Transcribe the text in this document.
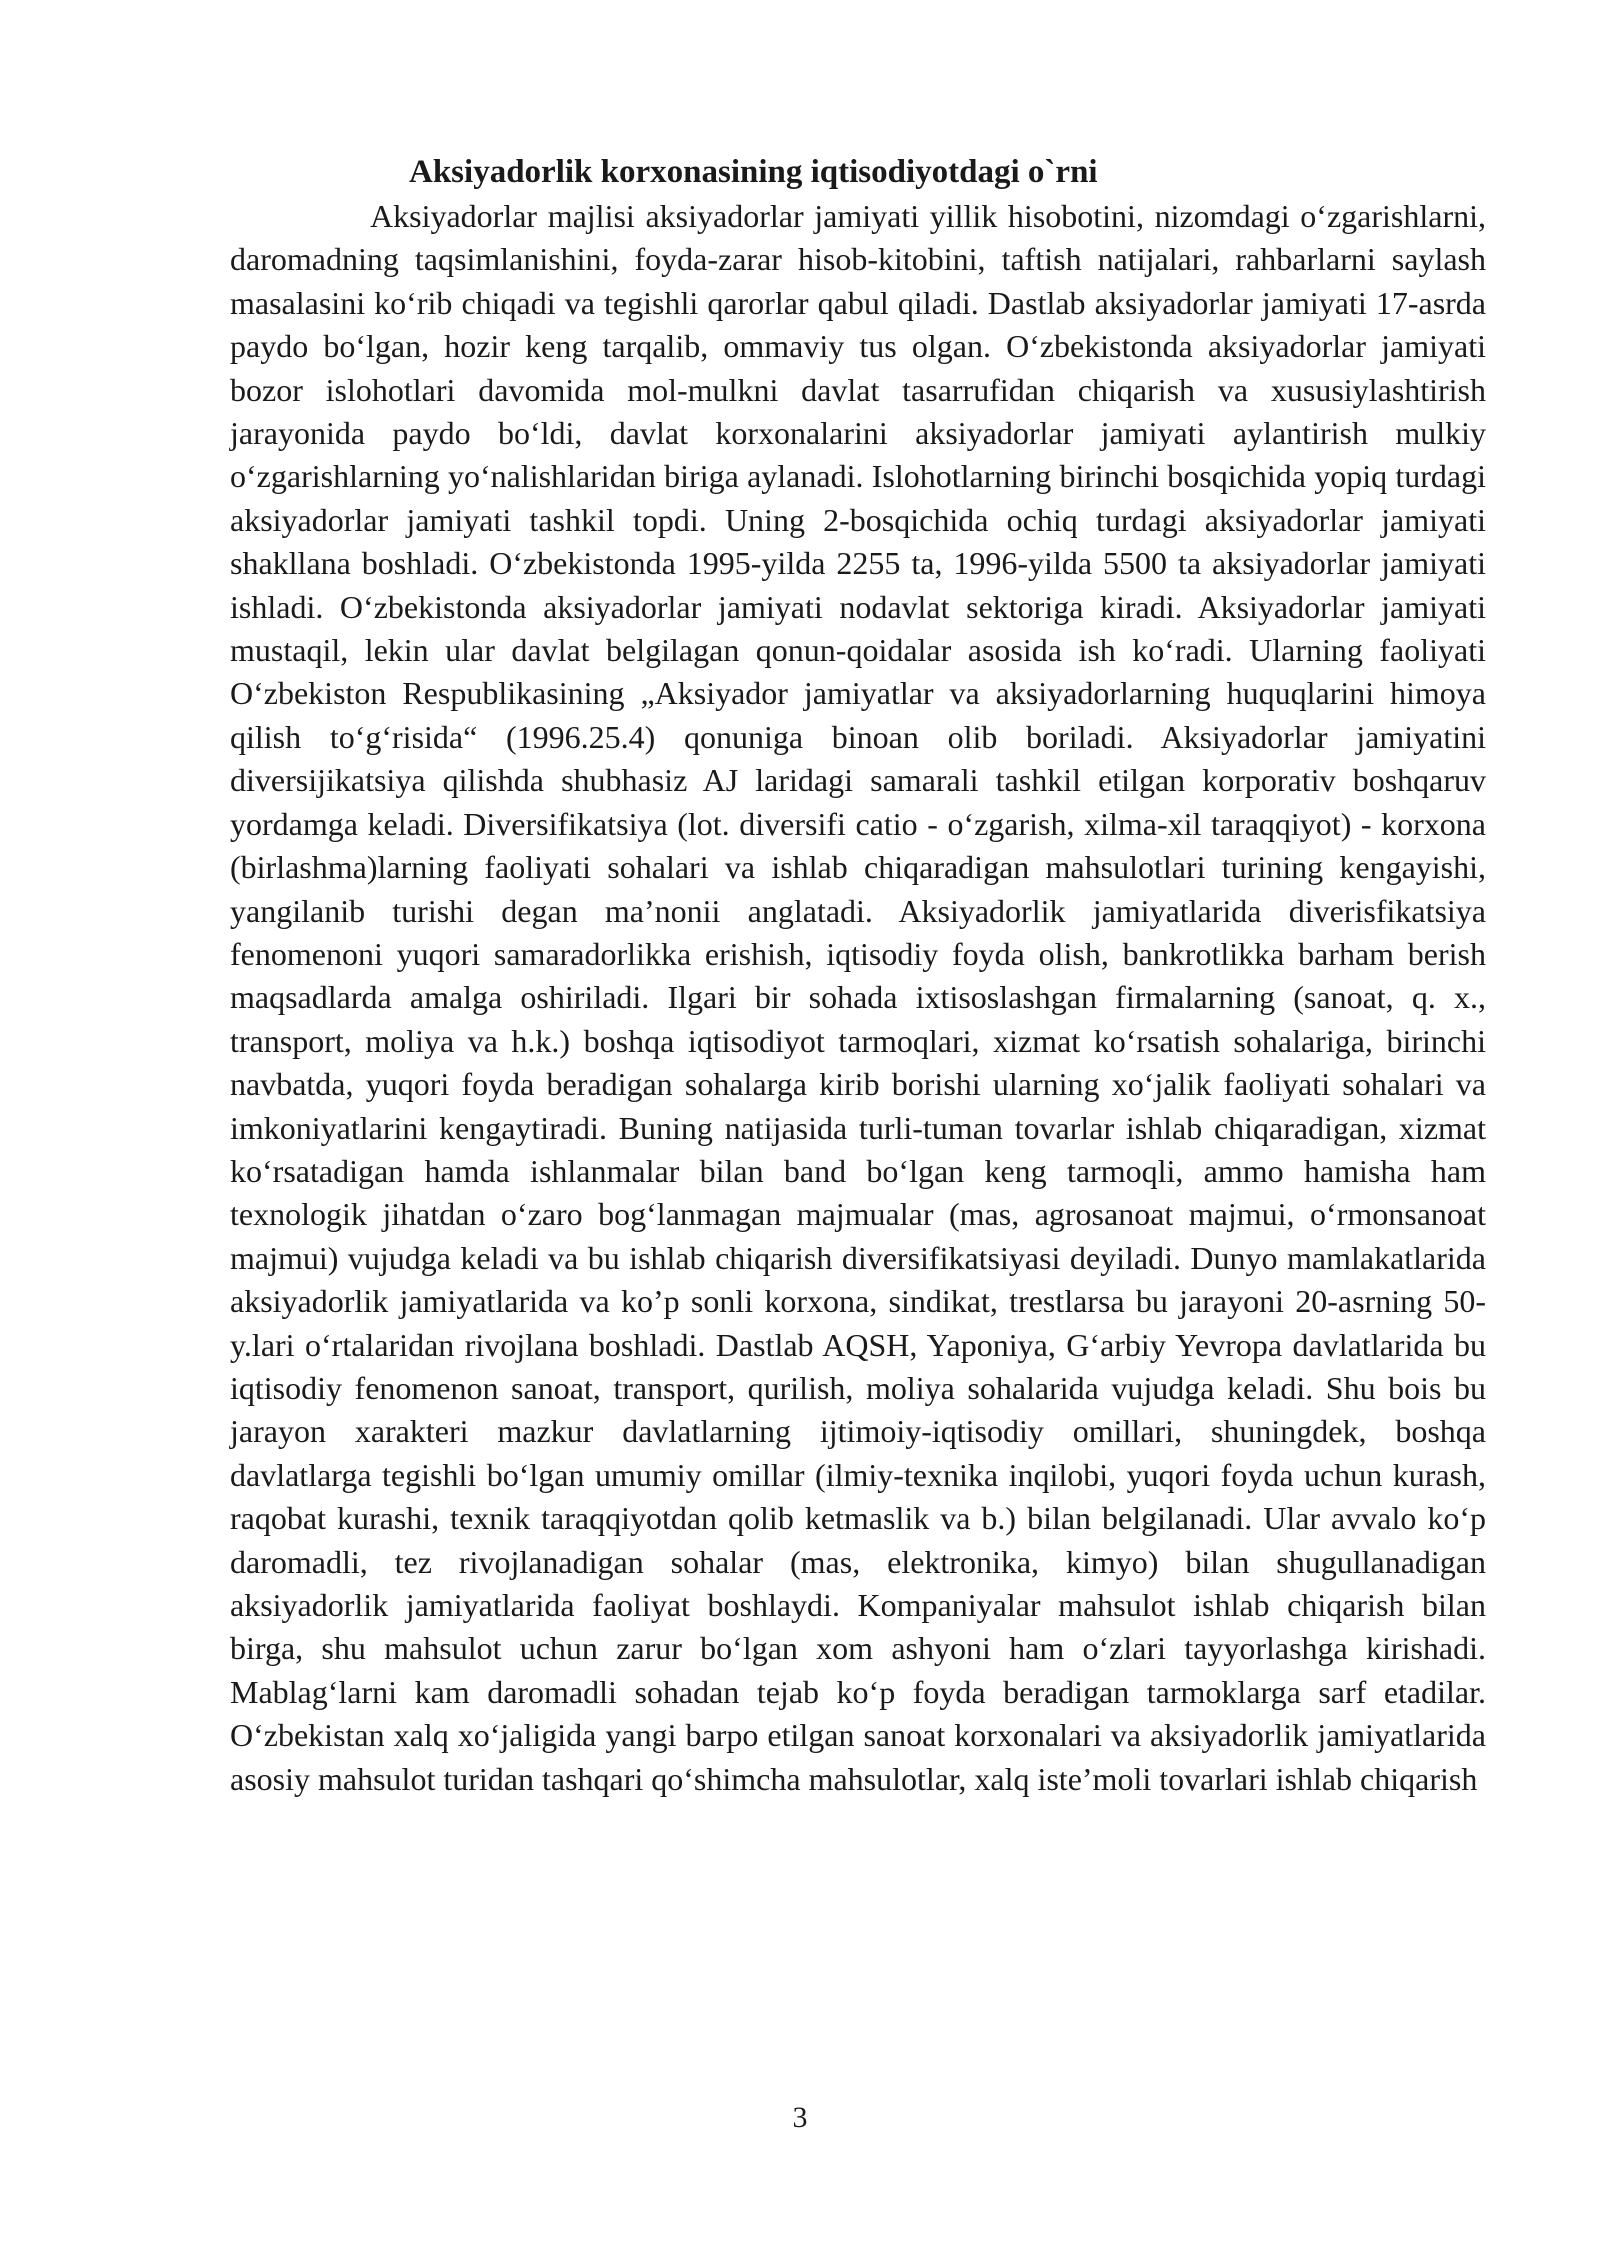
Aksiyadorlik korxonasining iqtisodiyotdagi o`rni

Aksiyadorlar majlisi aksiyadorlar jamiyati yillik hisobotini, nizomdagi o‘zgarishlarni, daromadning taqsimlanishini, foyda-zarar hisob-kitobini, taftish natijalari, rahbarlarni saylash masalasini ko‘rib chiqadi va tegishli qarorlar qabul qiladi. Dastlab aksiyadorlar jamiyati 17-asrda paydo bo‘lgan, hozir keng tarqalib, ommaviy tus olgan. O‘zbekistonda aksiyadorlar jamiyati bozor islohotlari davomida mol-mulkni davlat tasarrufidan chiqarish va xususiylashtirish jarayonida paydo bo‘ldi, davlat korxonalarini aksiyadorlar jamiyati aylantirish mulkiy o‘zgarishlarning yo‘nalishlaridan biriga aylanadi. Islohotlarning birinchi bosqichida yopiq turdagi aksiyadorlar jamiyati tashkil topdi. Uning 2-bosqichida ochiq turdagi aksiyadorlar jamiyati shakllana boshladi. O‘zbekistonda 1995-yilda 2255 ta, 1996-yilda 5500 ta aksiyadorlar jamiyati ishladi. O‘zbekistonda aksiyadorlar jamiyati nodavlat sektoriga kiradi. Aksiyadorlar jamiyati mustaqil, lekin ular davlat belgilagan qonun-qoidalar asosida ish ko‘radi. Ularning faoliyati O‘zbekiston Respublikasining „Aksiyador jamiyatlar va aksiyadorlarning huquqlarini himoya qilish to‘g‘risida“ (1996.25.4) qonuniga binoan olib boriladi. Aksiyadorlar jamiyatini diversijikatsiya qilishda shubhasiz AJ laridagi samarali tashkil etilgan korporativ boshqaruv yordamga keladi. Diversifikatsiya (lot. diversifi catio - o‘zgarish, xilma-xil taraqqiyot) - korxona (birlashma)larning faoliyati sohalari va ishlab chiqaradigan mahsulotlari turining kengayishi, yangilanib turishi degan ma’nonii anglatadi. Aksiyadorlik jamiyatlarida diverisfikatsiya fenomenoni yuqori samaradorlikka erishish, iqtisodiy foyda olish, bankrotlikka barham berish maqsadlarda amalga oshiriladi. Ilgari bir sohada ixtisoslashgan firmalarning (sanoat, q. x., transport, moliya va h.k.) boshqa iqtisodiyot tarmoqlari, xizmat ko‘rsatish sohalariga, birinchi navbatda, yuqori foyda beradigan sohalarga kirib borishi ularning xo‘jalik faoliyati sohalari va imkoniyatlarini kengaytiradi. Buning natijasida turli-tuman tovarlar ishlab chiqaradigan, xizmat ko‘rsatadigan hamda ishlanmalar bilan band bo‘lgan keng tarmoqli, ammo hamisha ham texnologik jihatdan o‘zaro bog‘lanmagan majmualar (mas, agrosanoat majmui, o‘rmonsanoat majmui) vujudga keladi va bu ishlab chiqarish diversifikatsiyasi deyiladi. Dunyo mamlakatlarida aksiyadorlik jamiyatlarida va ko’p sonli korxona, sindikat, trestlarsa bu jarayoni 20-asrning 50-y.lari o‘rtalaridan rivojlana boshladi. Dastlab AQSH, Yaponiya, G‘arbiy Yevropa davlatlarida bu iqtisodiy fenomenon sanoat, transport, qurilish, moliya sohalarida vujudga keladi. Shu bois bu jarayon xarakteri mazkur davlatlarning ijtimoiy-iqtisodiy omillari, shuningdek, boshqa davlatlarga tegishli bo‘lgan umumiy omillar (ilmiy-texnika inqilobi, yuqori foyda uchun kurash, raqobat kurashi, texnik taraqqiyotdan qolib ketmaslik va b.) bilan belgilanadi. Ular avvalo ko‘p daromadli, tez rivojlanadigan sohalar (mas, elektronika, kimyo) bilan shugullanadigan aksiyadorlik jamiyatlarida faoliyat boshlaydi. Kompaniyalar mahsulot ishlab chiqarish bilan birga, shu mahsulot uchun zarur bo‘lgan xom ashyoni ham o‘zlari tayyorlashga kirishadi. Mablag‘larni kam daromadli sohadan tejab ko‘p foyda beradigan tarmoklarga sarf etadilar. O‘zbekistan xalq xo‘jaligida yangi barpo etilgan sanoat korxonalari va aksiyadorlik jamiyatlarida asosiy mahsulot turidan tashqari qo‘shimcha mahsulotlar, xalq iste’moli tovarlari ishlab chiqarish

3
